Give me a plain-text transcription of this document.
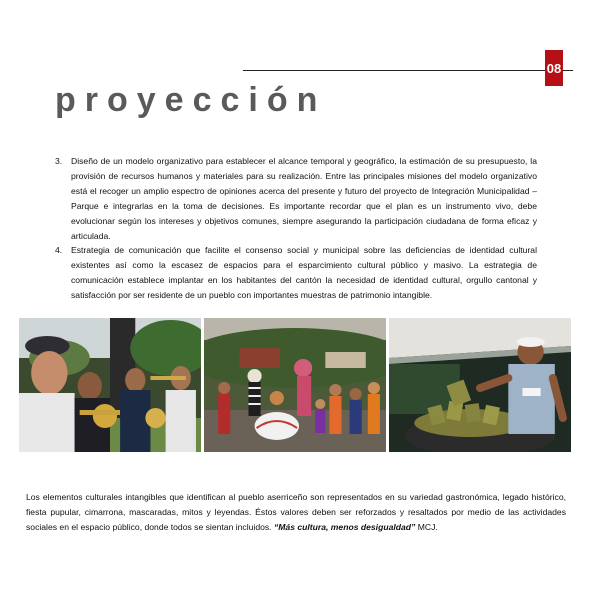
08
proyección
3. Diseño de un modelo organizativo para establecer el alcance temporal y geográfico, la estimación de su presupuesto, la provisión de recursos humanos y materiales para su realización. Entre las principales misiones del modelo organizativo está el recoger un amplio espectro de opiniones acerca del presente y futuro del proyecto de Integración Municipalidad – Parque e integrarlas en la toma de decisiones. Es importante recordar que el plan es un instrumento vivo, debe evolucionar según los intereses y objetivos comunes, siempre asegurando la participación ciudadana de forma eficaz y articulada.
4. Estrategia de comunicación que facilite el consenso social y municipal sobre las deficiencias de identidad cultural existentes así como la escasez de espacios para el esparcimiento cultural público y masivo. La estrategia de comunicación establece implantar en los habitantes del cantón la necesidad de identidad cultural, orgullo cantonal y satisfacción por ser residente de un pueblo con importantes muestras de patrimonio intangible.

Los elementos culturales intangibles que identifican al pueblo aserriceño son representados en su variedad gastronómica, legado histórico, fiesta pupular, cimarrona, mascaradas, mitos y leyendas. Éstos valores deben ser reforzados y resaltados por medio de las actividades sociales en el espacio público, donde todos se sientan incluidos. “Más cultura, menos desigualdad” MCJ.
